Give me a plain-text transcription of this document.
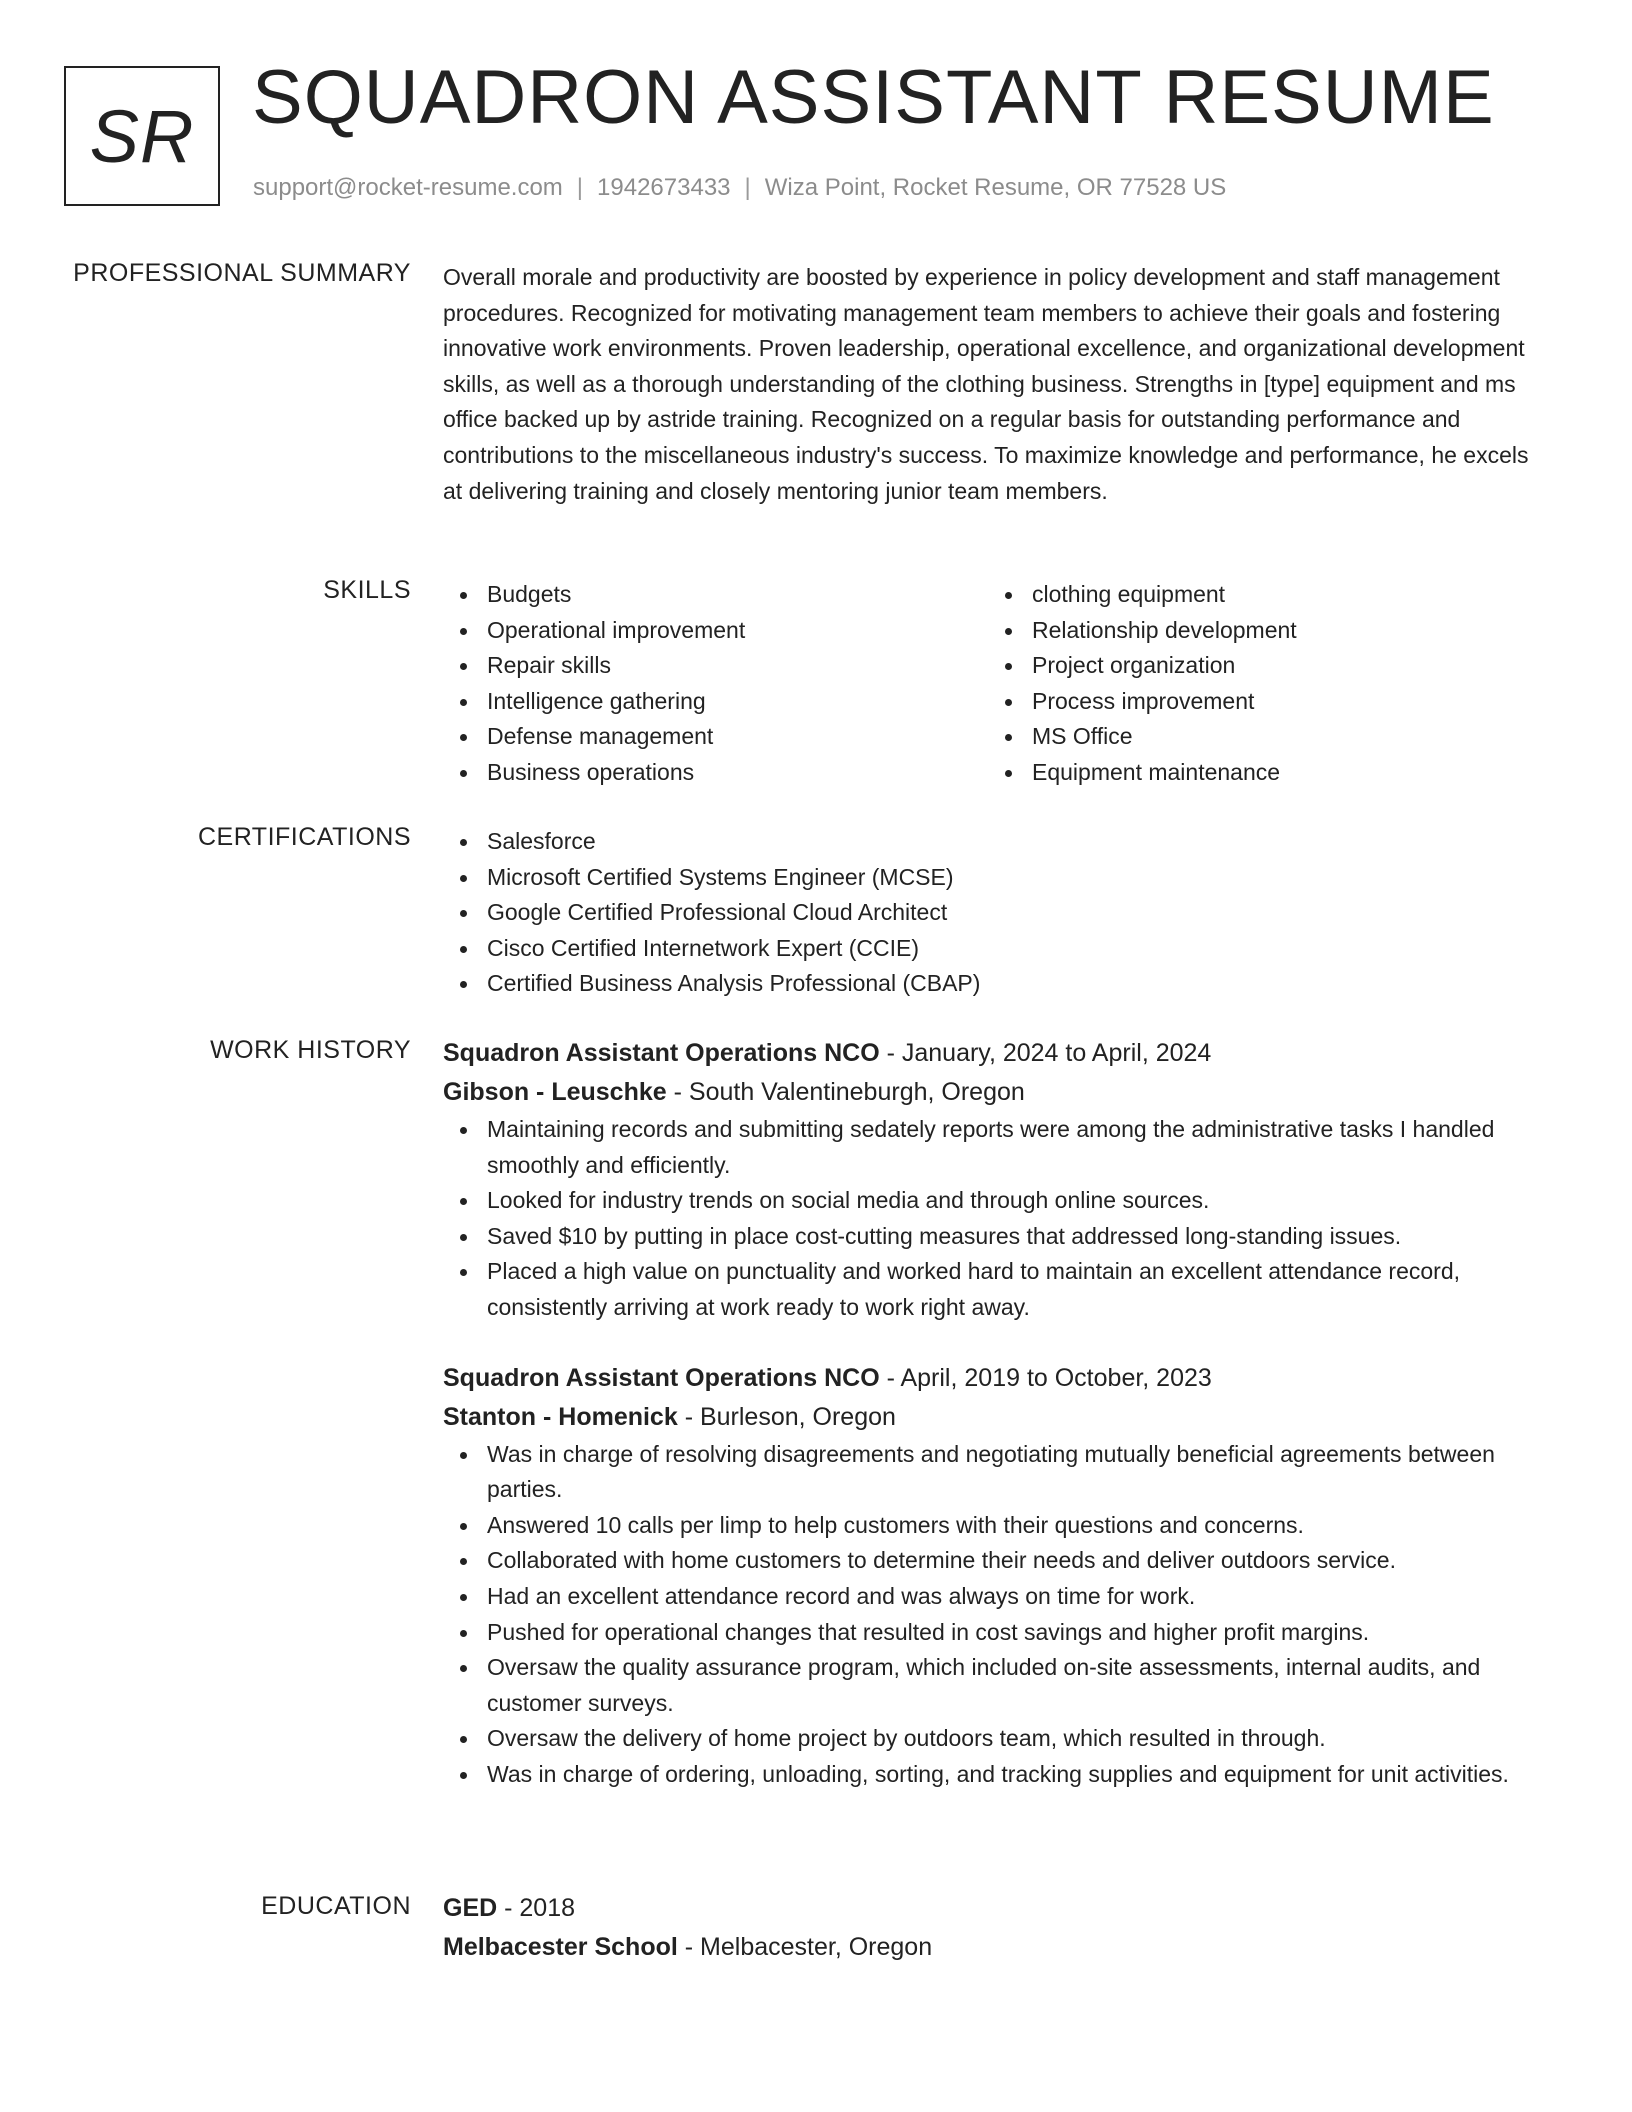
SR SQUADRON ASSISTANT RESUME
support@rocket-resume.com | 1942673433 | Wiza Point, Rocket Resume, OR 77528 US
PROFESSIONAL SUMMARY Overall morale and productivity are boosted by experience in policy development and staff management procedures. Recognized for motivating management team members to achieve their goals and fostering innovative work environments. Proven leadership, operational excellence, and organizational development skills, as well as a thorough understanding of the clothing business. Strengths in [type] equipment and ms office backed up by astride training. Recognized on a regular basis for outstanding performance and contributions to the miscellaneous industry's success. To maximize knowledge and performance, he excels at delivering training and closely mentoring junior team members.

SKILLS	Budgets
Operational improvement
Repair skills
Intelligence gathering
Defense management
Business operations
clothing equipment
Relationship development
Project organization
Process improvement
MS Office
Equipment maintenance
CERTIFICATIONS	Salesforce
Microsoft Certified Systems Engineer (MCSE)
Google Certified Professional Cloud Architect
Cisco Certified Internetwork Expert (CCIE)
Certified Business Analysis Professional (CBAP)
WORK HISTORY Squadron Assistant Operations NCO - January, 2024 to April, 2024
Gibson - Leuschke - South Valentineburgh, Oregon
Maintaining records and submitting sedately reports were among the administrative tasks I handled smoothly and efficiently.
Looked for industry trends on social media and through online sources.
Saved $10 by putting in place cost-cutting measures that addressed long-standing issues.
Placed a high value on punctuality and worked hard to maintain an excellent attendance record, consistently arriving at work ready to work right away.
Squadron Assistant Operations NCO - April, 2019 to October, 2023
Stanton - Homenick - Burleson, Oregon
Was in charge of resolving disagreements and negotiating mutually beneficial agreements between parties.
Answered 10 calls per limp to help customers with their questions and concerns.
Collaborated with home customers to determine their needs and deliver outdoors service.
Had an excellent attendance record and was always on time for work.
Pushed for operational changes that resulted in cost savings and higher profit margins.
Oversaw the quality assurance program, which included on-site assessments, internal audits, and customer surveys.
Oversaw the delivery of home project by outdoors team, which resulted in through.
Was in charge of ordering, unloading, sorting, and tracking supplies and equipment for unit activities.
EDUCATION GED - 2018
Melbacester School - Melbacester, Oregon
